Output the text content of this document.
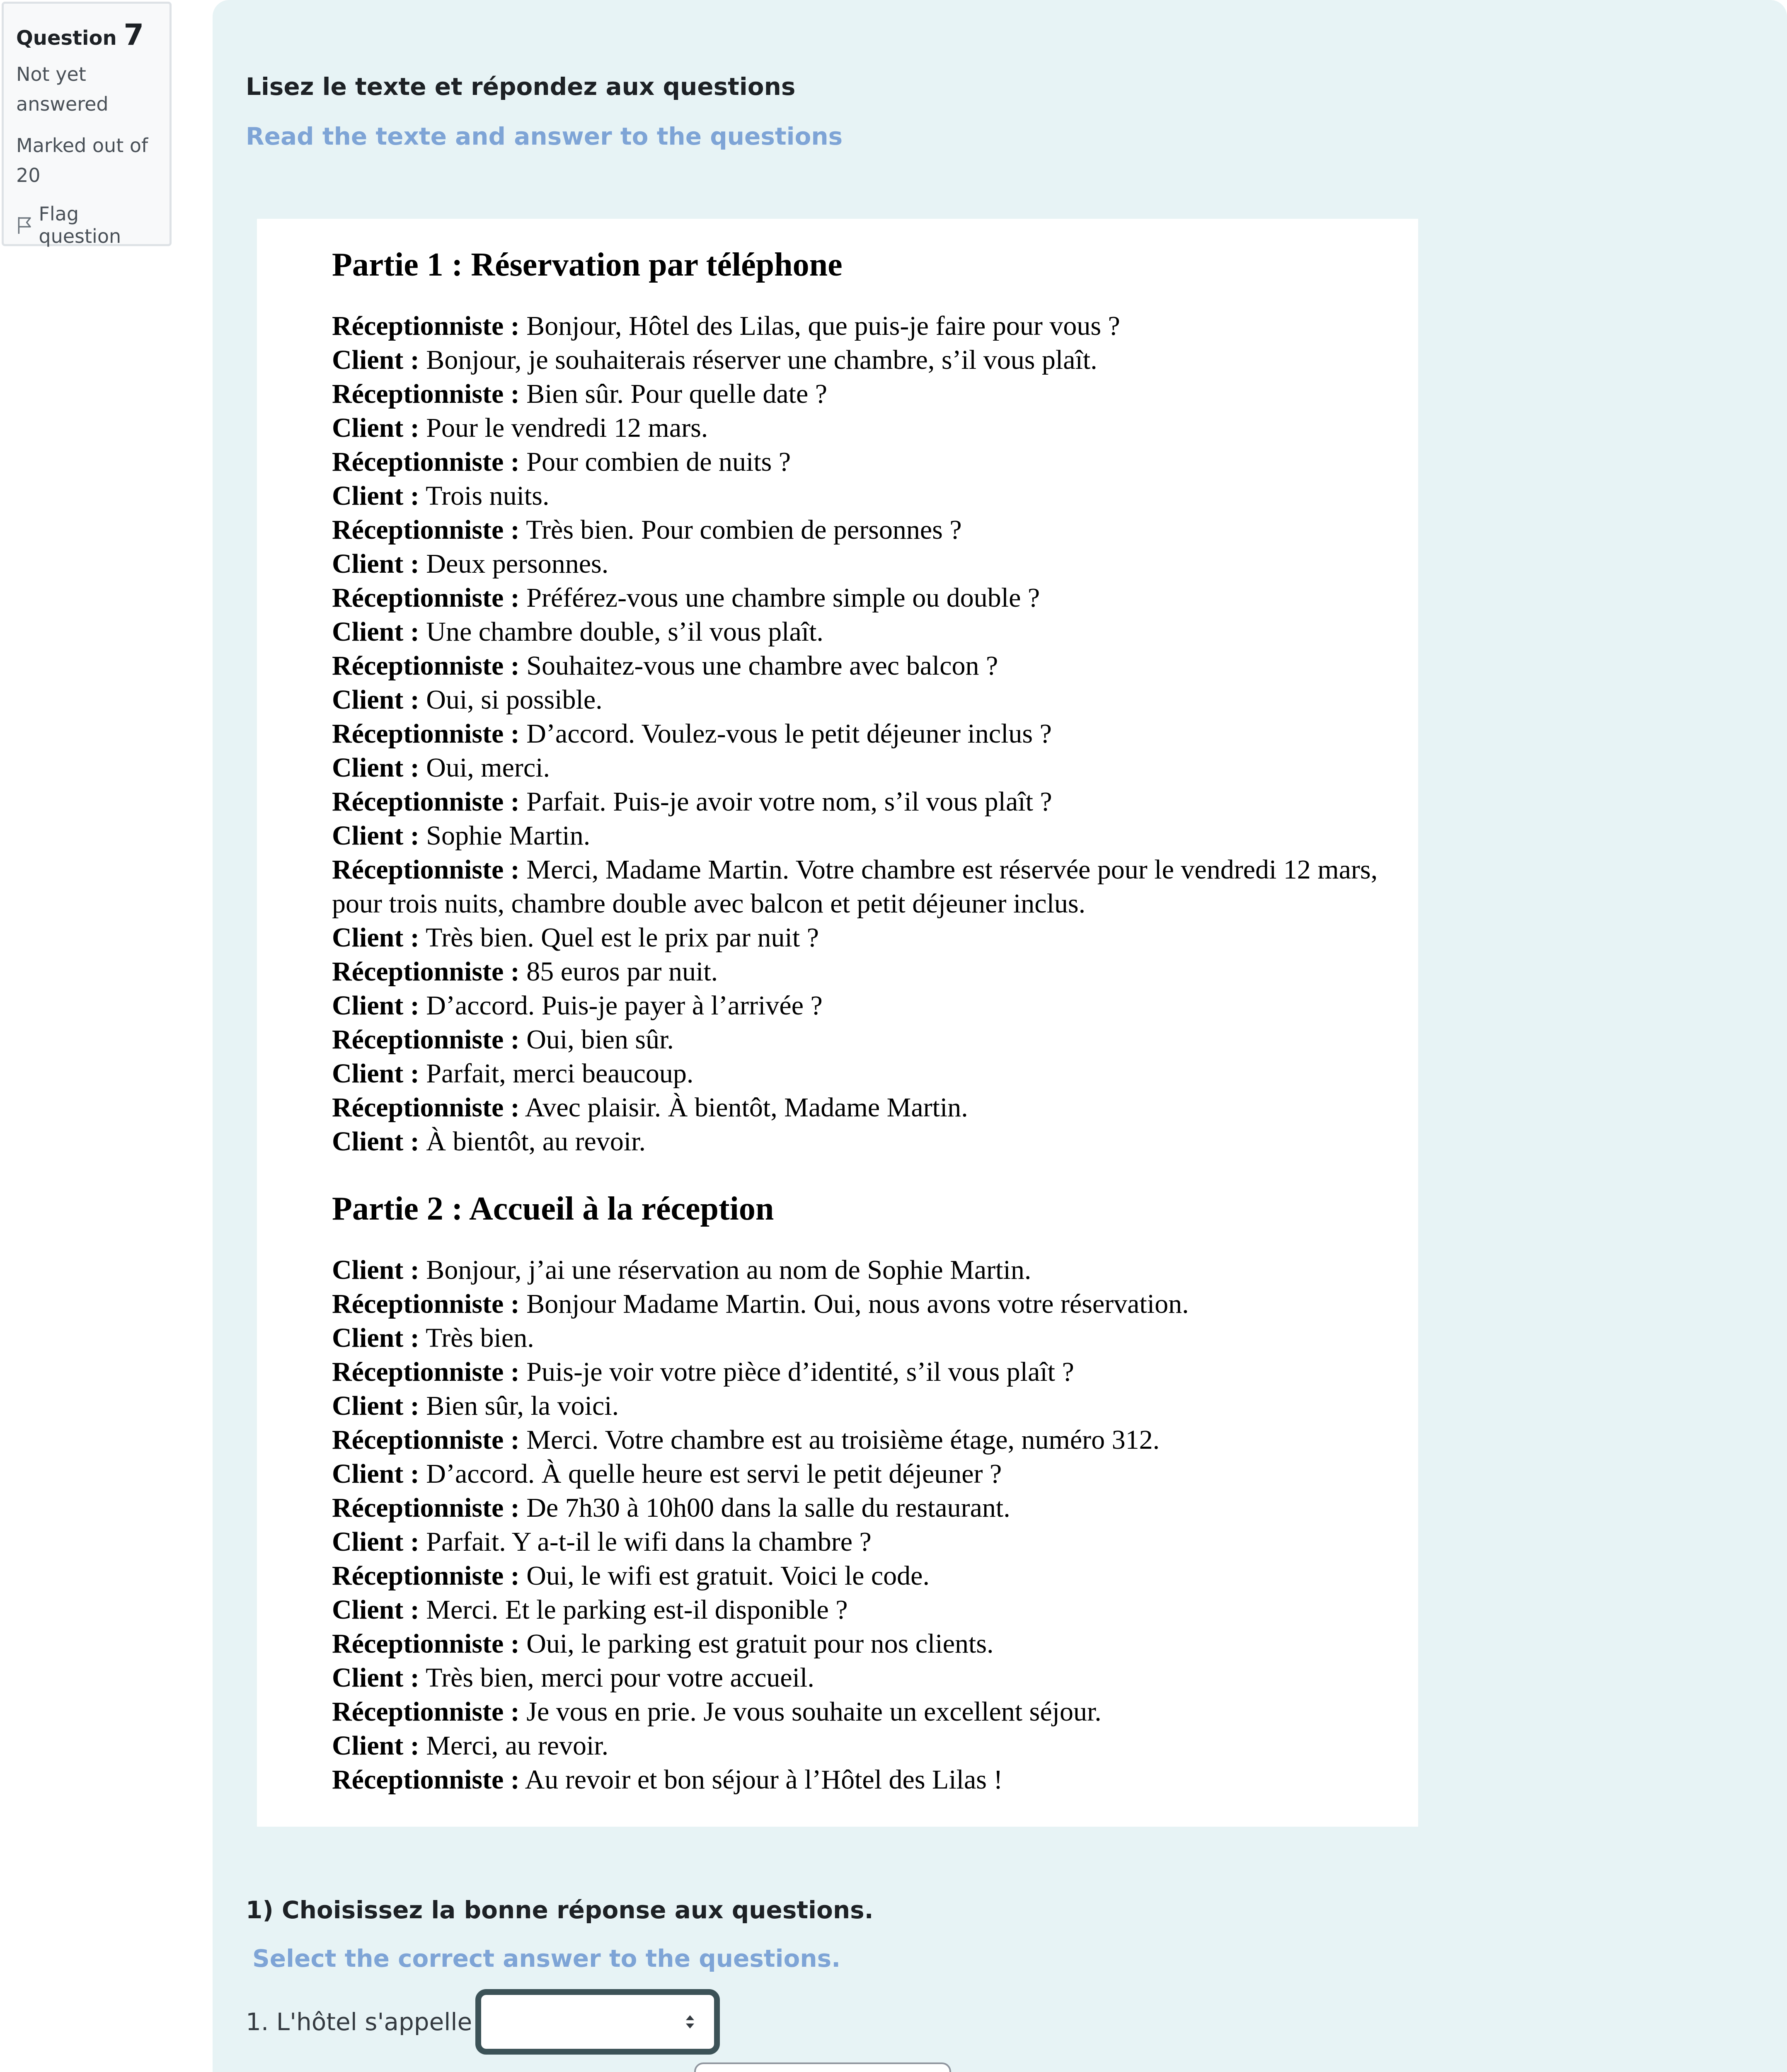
Question 7
Not yet answered
Marked out of 20
Flag question
Lisez le texte et répondez aux questions
Read the texte and answer to the questions
Partie 1 : Réservation par téléphone
Réceptionniste : Bonjour, Hôtel des Lilas, que puis-je faire pour vous ?
Client : Bonjour, je souhaiterais réserver une chambre, s’il vous plaît.
Réceptionniste : Bien sûr. Pour quelle date ?
Client : Pour le vendredi 12 mars.
Réceptionniste : Pour combien de nuits ?
Client : Trois nuits.
Réceptionniste : Très bien. Pour combien de personnes ?
Client : Deux personnes.
Réceptionniste : Préférez-vous une chambre simple ou double ?
Client : Une chambre double, s’il vous plaît.
Réceptionniste : Souhaitez-vous une chambre avec balcon ?
Client : Oui, si possible.
Réceptionniste : D’accord. Voulez-vous le petit déjeuner inclus ?
Client : Oui, merci.
Réceptionniste : Parfait. Puis-je avoir votre nom, s’il vous plaît ?
Client : Sophie Martin.
Réceptionniste : Merci, Madame Martin. Votre chambre est réservée pour le vendredi 12 mars, pour trois nuits, chambre double avec balcon et petit déjeuner inclus.
Client : Très bien. Quel est le prix par nuit ?
Réceptionniste : 85 euros par nuit.
Client : D’accord. Puis-je payer à l’arrivée ?
Réceptionniste : Oui, bien sûr.
Client : Parfait, merci beaucoup.
Réceptionniste : Avec plaisir. À bientôt, Madame Martin.
Client : À bientôt, au revoir.
Partie 2 : Accueil à la réception
Client : Bonjour, j’ai une réservation au nom de Sophie Martin.
Réceptionniste : Bonjour Madame Martin. Oui, nous avons votre réservation.
Client : Très bien.
Réceptionniste : Puis-je voir votre pièce d’identité, s’il vous plaît ?
Client : Bien sûr, la voici.
Réceptionniste : Merci. Votre chambre est au troisième étage, numéro 312.
Client : D’accord. À quelle heure est servi le petit déjeuner ?
Réceptionniste : De 7h30 à 10h00 dans la salle du restaurant.
Client : Parfait. Y a-t-il le wifi dans la chambre ?
Réceptionniste : Oui, le wifi est gratuit. Voici le code.
Client : Merci. Et le parking est-il disponible ?
Réceptionniste : Oui, le parking est gratuit pour nos clients.
Client : Très bien, merci pour votre accueil.
Réceptionniste : Je vous en prie. Je vous souhaite un excellent séjour.
Client : Merci, au revoir.
Réceptionniste : Au revoir et bon séjour à l’Hôtel des Lilas !
1) Choisissez la bonne réponse aux questions.
Select the correct answer to the questions.
1. L'hôtel s'appelle
